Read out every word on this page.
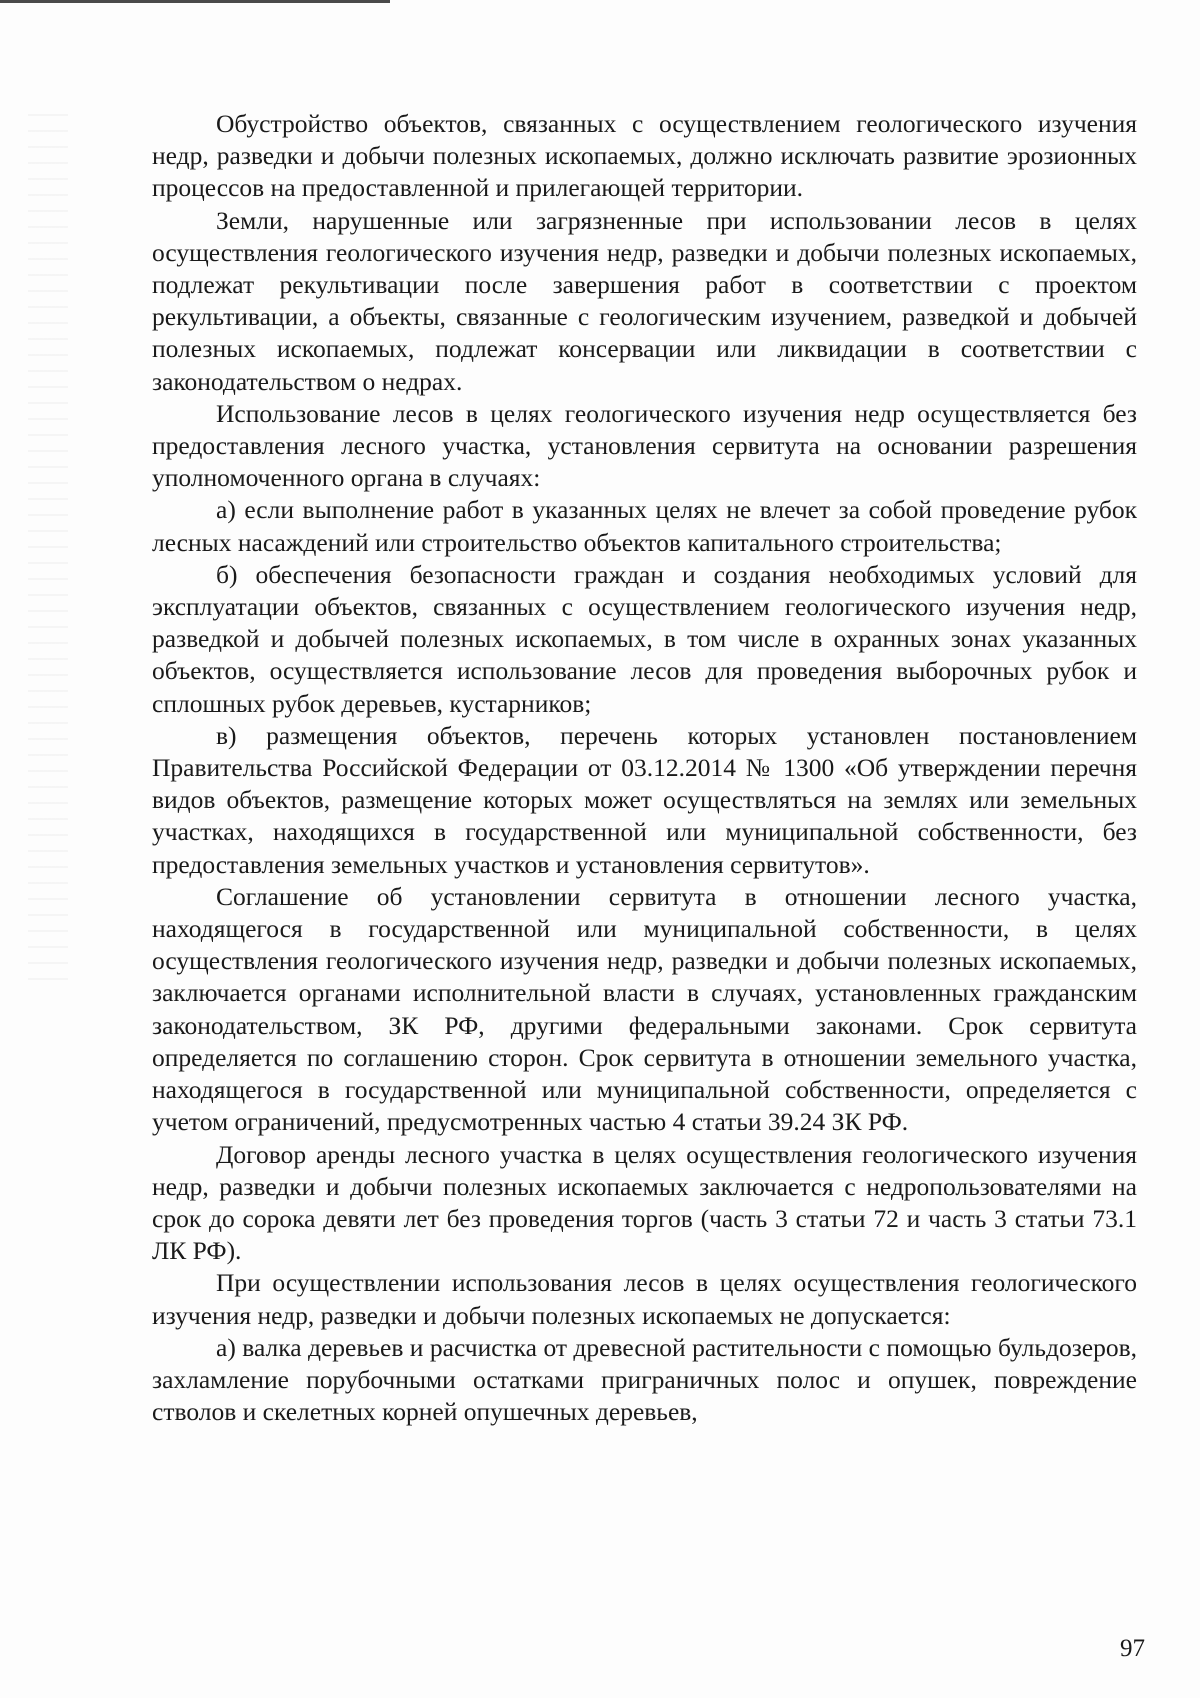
Обустройство объектов, связанных с осуществлением геологического изучения недр, разведки и добычи полезных ископаемых, должно исключать развитие эрозионных процессов на предоставленной и прилегающей территории.

Земли, нарушенные или загрязненные при использовании лесов в целях осуществления геологического изучения недр, разведки и добычи полезных ископаемых, подлежат рекультивации после завершения работ в соответствии с проектом рекультивации, а объекты, связанные с геологическим изучением, разведкой и добычей полезных ископаемых, подлежат консервации или ликвидации в соответствии с законодательством о недрах.

Использование лесов в целях геологического изучения недр осуществляется без предоставления лесного участка, установления сервитута на основании разрешения уполномоченного органа в случаях:

а) если выполнение работ в указанных целях не влечет за собой проведение рубок лесных насаждений или строительство объектов капитального строительства;

б) обеспечения безопасности граждан и создания необходимых условий для эксплуатации объектов, связанных с осуществлением геологического изучения недр, разведкой и добычей полезных ископаемых, в том числе в охранных зонах указанных объектов, осуществляется использование лесов для проведения выборочных рубок и сплошных рубок деревьев, кустарников;

в) размещения объектов, перечень которых установлен постановлением Правительства Российской Федерации от 03.12.2014 № 1300 «Об утверждении перечня видов объектов, размещение которых может осуществляться на землях или земельных участках, находящихся в государственной или муниципальной собственности, без предоставления земельных участков и установления сервитутов».

Соглашение об установлении сервитута в отношении лесного участка, находящегося в государственной или муниципальной собственности, в целях осуществления геологического изучения недр, разведки и добычи полезных ископаемых, заключается органами исполнительной власти в случаях, установленных гражданским законодательством, ЗК РФ, другими федеральными законами. Срок сервитута определяется по соглашению сторон. Срок сервитута в отношении земельного участка, находящегося в государственной или муниципальной собственности, определяется с учетом ограничений, предусмотренных частью 4 статьи 39.24 ЗК РФ.

Договор аренды лесного участка в целях осуществления геологического изучения недр, разведки и добычи полезных ископаемых заключается с недропользователями на срок до сорока девяти лет без проведения торгов (часть 3 статьи 72 и часть 3 статьи 73.1 ЛК РФ).

При осуществлении использования лесов в целях осуществления геологического изучения недр, разведки и добычи полезных ископаемых не допускается:

а) валка деревьев и расчистка от древесной растительности с помощью бульдозеров, захламление порубочными остатками приграничных полос и опушек, повреждение стволов и скелетных корней опушечных деревьев,

97
